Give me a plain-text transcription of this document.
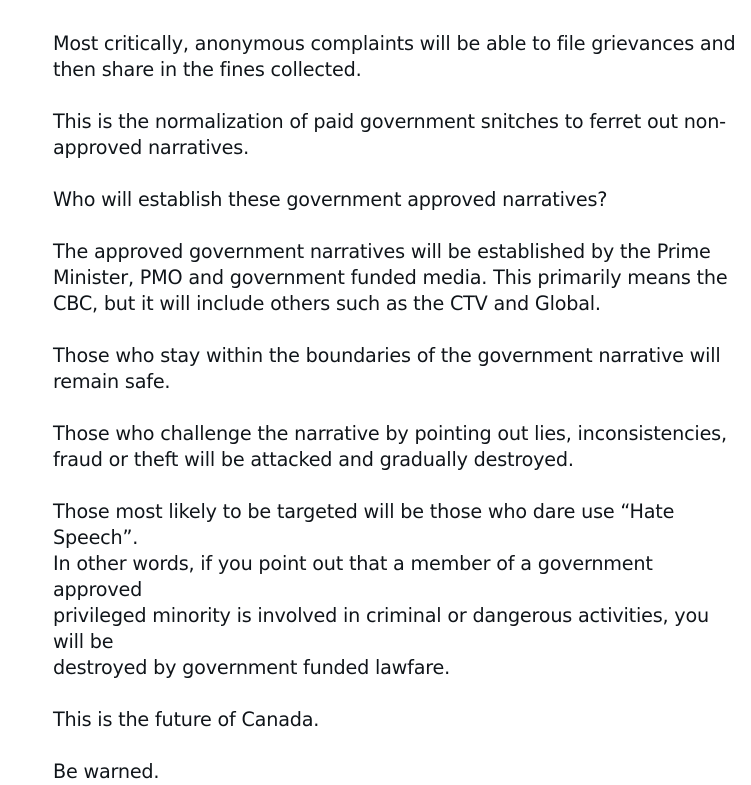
Most critically, anonymous complaints will be able to file grievances and
then share in the fines collected.

This is the normalization of paid government snitches to ferret out non-
approved narratives.

Who will establish these government approved narratives?

The approved government narratives will be established by the Prime
Minister, PMO and government funded media. This primarily means the
CBC, but it will include others such as the CTV and Global.

Those who stay within the boundaries of the government narrative will
remain safe.

Those who challenge the narrative by pointing out lies, inconsistencies,
fraud or theft will be attacked and gradually destroyed.

Those most likely to be targeted will be those who dare use “Hate Speech”.
In other words, if you point out that a member of a government approved
privileged minority is involved in criminal or dangerous activities, you will be
destroyed by government funded lawfare.

This is the future of Canada.

Be warned.
